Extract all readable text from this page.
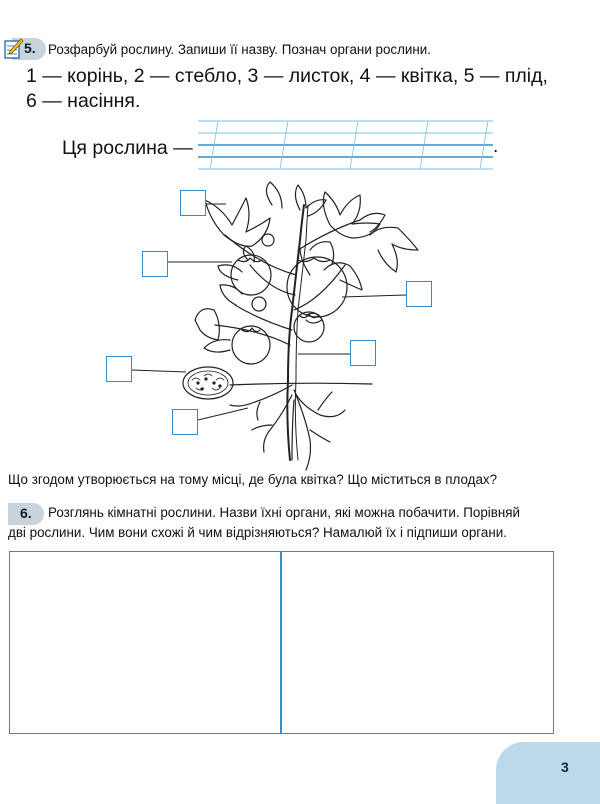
5. Розфарбуй рослину. Запиши її назву. Познач органи рослини.
1 — корінь, 2 — стебло, 3 — листок, 4 — квітка, 5 — плід,
6 — насіння.
Ця рослина —	.
Що згодом утворюється на тому місці, де була квітка? Що міститься в плодах?
6. Розглянь кімнатні рослини. Назви їхні органи, які можна побачити. Порівняй
дві рослини. Чим вони схожі й чим відрізняються? Намалюй їх і підпиши органи.
3
